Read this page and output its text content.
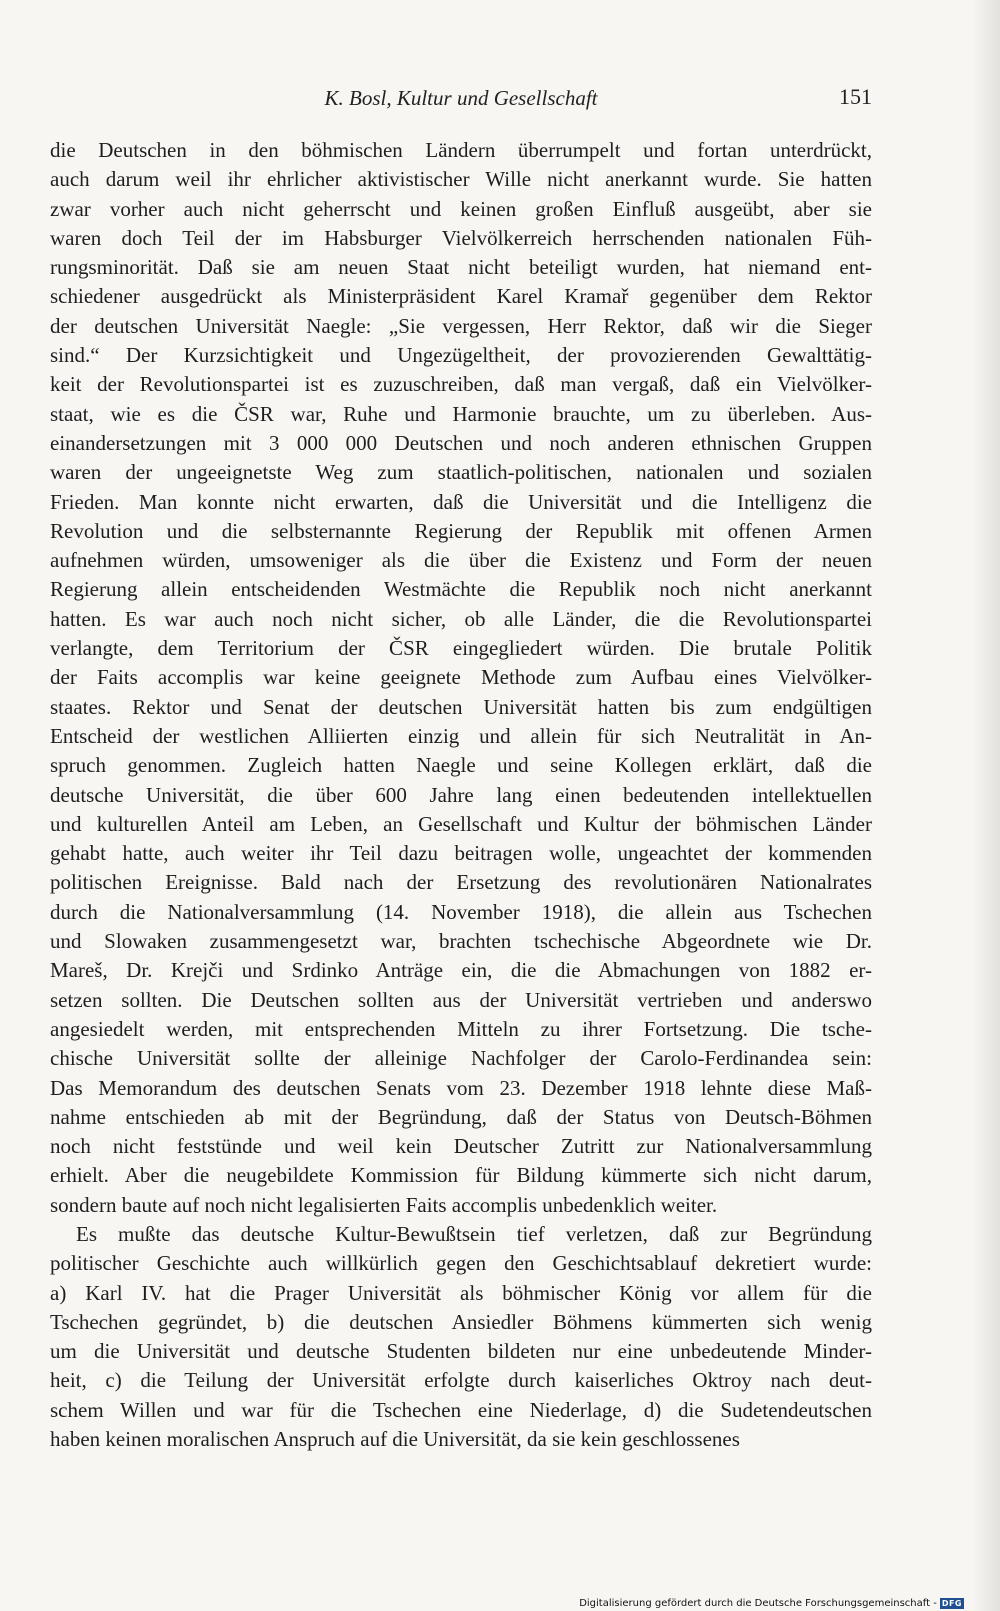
K. Bosl, Kultur und Gesellschaft	151
die Deutschen in den böhmischen Ländern überrumpelt und fortan unterdrückt,
auch darum weil ihr ehrlicher aktivistischer Wille nicht anerkannt wurde. Sie hatten
zwar vorher auch nicht geherrscht und keinen großen Einfluß ausgeübt, aber sie
waren doch Teil der im Habsburger Vielvölkerreich herrschenden nationalen Füh-
rungsminorität. Daß sie am neuen Staat nicht beteiligt wurden, hat niemand ent-
schiedener ausgedrückt als Ministerpräsident Karel Kramař gegenüber dem Rektor
der deutschen Universität Naegle: „Sie vergessen, Herr Rektor, daß wir die Sieger
sind.“ Der Kurzsichtigkeit und Ungezügeltheit, der provozierenden Gewalttätig-
keit der Revolutionspartei ist es zuzuschreiben, daß man vergaß, daß ein Vielvölker-
staat, wie es die ČSR war, Ruhe und Harmonie brauchte, um zu überleben. Aus-
einandersetzungen mit 3 000 000 Deutschen und noch anderen ethnischen Gruppen
waren der ungeeignetste Weg zum staatlich-politischen, nationalen und sozialen
Frieden. Man konnte nicht erwarten, daß die Universität und die Intelligenz die
Revolution und die selbsternannte Regierung der Republik mit offenen Armen
aufnehmen würden, umsoweniger als die über die Existenz und Form der neuen
Regierung allein entscheidenden Westmächte die Republik noch nicht anerkannt
hatten. Es war auch noch nicht sicher, ob alle Länder, die die Revolutionspartei
verlangte, dem Territorium der ČSR eingegliedert würden. Die brutale Politik
der Faits accomplis war keine geeignete Methode zum Aufbau eines Vielvölker-
staates. Rektor und Senat der deutschen Universität hatten bis zum endgültigen
Entscheid der westlichen Alliierten einzig und allein für sich Neutralität in An-
spruch genommen. Zugleich hatten Naegle und seine Kollegen erklärt, daß die
deutsche Universität, die über 600 Jahre lang einen bedeutenden intellektuellen
und kulturellen Anteil am Leben, an Gesellschaft und Kultur der böhmischen Länder
gehabt hatte, auch weiter ihr Teil dazu beitragen wolle, ungeachtet der kommenden
politischen Ereignisse. Bald nach der Ersetzung des revolutionären Nationalrates
durch die Nationalversammlung (14. November 1918), die allein aus Tschechen
und Slowaken zusammengesetzt war, brachten tschechische Abgeordnete wie Dr.
Mareš, Dr. Krejči und Srdinko Anträge ein, die die Abmachungen von 1882 er-
setzen sollten. Die Deutschen sollten aus der Universität vertrieben und anderswo
angesiedelt werden, mit entsprechenden Mitteln zu ihrer Fortsetzung. Die tsche-
chische Universität sollte der alleinige Nachfolger der Carolo-Ferdinandea sein:
Das Memorandum des deutschen Senats vom 23. Dezember 1918 lehnte diese Maß-
nahme entschieden ab mit der Begründung, daß der Status von Deutsch-Böhmen
noch nicht feststünde und weil kein Deutscher Zutritt zur Nationalversammlung
erhielt. Aber die neugebildete Kommission für Bildung kümmerte sich nicht darum,
sondern baute auf noch nicht legalisierten Faits accomplis unbedenklich weiter.
Es mußte das deutsche Kultur-Bewußtsein tief verletzen, daß zur Begründung
politischer Geschichte auch willkürlich gegen den Geschichtsablauf dekretiert wurde:
a) Karl IV. hat die Prager Universität als böhmischer König vor allem für die
Tschechen gegründet, b) die deutschen Ansiedler Böhmens kümmerten sich wenig
um die Universität und deutsche Studenten bildeten nur eine unbedeutende Minder-
heit, c) die Teilung der Universität erfolgte durch kaiserliches Oktroy nach deut-
schem Willen und war für die Tschechen eine Niederlage, d) die Sudetendeutschen
haben keinen moralischen Anspruch auf die Universität, da sie kein geschlossenes
Digitalisierung gefördert durch die Deutsche Forschungsgemeinschaft - DFG
